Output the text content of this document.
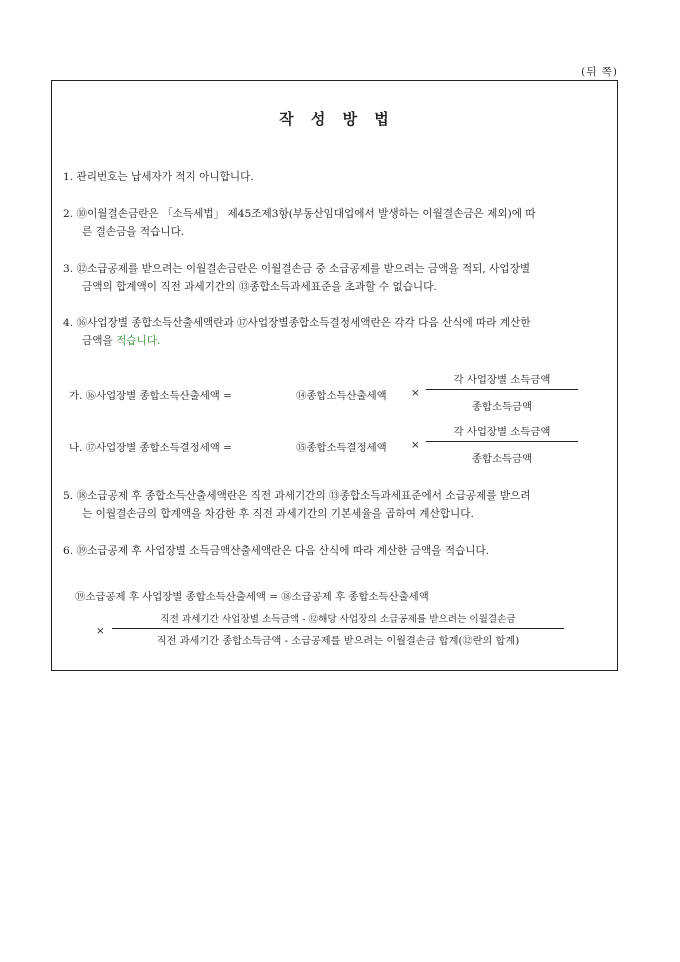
(뒤 쪽)
작 성 방 법
1. 관리번호는 납세자가 적지 아니합니다.
2. ⑩이월결손금란은 「소득세법」 제45조제3항(부동산임대업에서 발생하는 이월결손금은 제외)에 따
른 결손금을 적습니다.
3. ⑫소급공제를 받으려는 이월결손금란은 이월결손금 중 소급공제를 받으려는 금액을 적되, 사업장별
금액의 합계액이 직전 과세기간의 ⑬종합소득과세표준을 초과할 수 없습니다.
4. ⑯사업장별 종합소득산출세액란과 ⑰사업장별종합소득결정세액란은 각각 다음 산식에 따라 계산한
금액을 적습니다.
가. ⑯사업장별 종합소득산출세액 =	⑭종합소득산출세액 ×
각 사업장별 소득금액
종합소득금액
나. ⑰사업장별 종합소득결정세액 =	⑮종합소득결정세액 ×
각 사업장별 소득금액
종합소득금액
5. ⑱소급공제 후 종합소득산출세액란은 직전 과세기간의 ⑬종합소득과세표준에서 소급공제를 받으려
는 이월결손금의 합계액을 차감한 후 직전 과세기간의 기본세율을 곱하여 계산합니다.
6. ⑲소급공제 후 사업장별 소득금액산출세액란은 다음 산식에 따라 계산한 금액을 적습니다.
⑲소급공제 후 사업장별 종합소득산출세액 = ⑱소급공제 후 종합소득산출세액
×
직전 과세기간 사업장별 소득금액 - ⑫해당 사업장의 소급공제를 받으려는 이월결손금
직전 과세기간 종합소득금액 - 소급공제를 받으려는 이월결손금 합계(⑫란의 합계)
